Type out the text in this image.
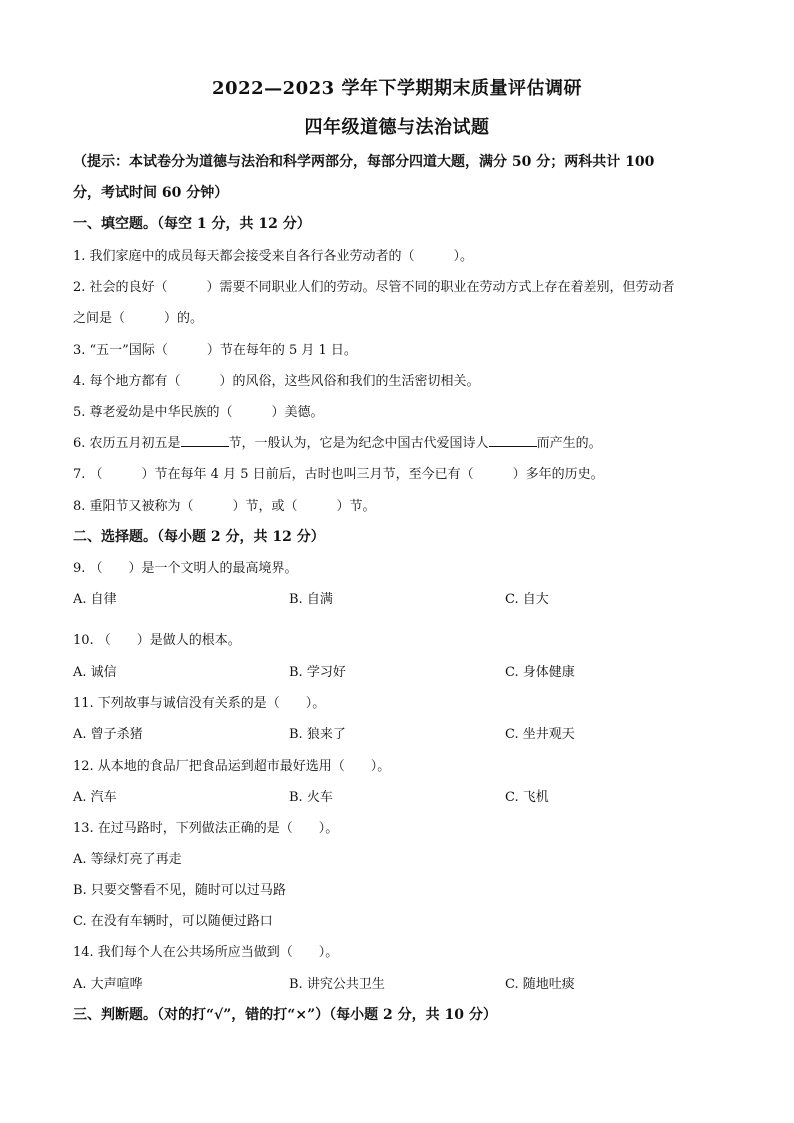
2022—2023 学年下学期期末质量评估调研
四年级道德与法治试题
（提示：本试卷分为道德与法治和科学两部分，每部分四道大题，满分 50 分；两科共计 100
分，考试时间 60 分钟）
一、填空题。（每空 1 分，共 12 分）
1. 我们家庭中的成员每天都会接受来自各行各业劳动者的（　　　）。
2. 社会的良好（　　　）需要不同职业人们的劳动。尽管不同的职业在劳动方式上存在着差别，但劳动者
之间是（　　　）的。
3. “五一”国际（　　　）节在每年的 5 月 1 日。
4. 每个地方都有（　　　）的风俗，这些风俗和我们的生活密切相关。
5. 尊老爱幼是中华民族的（　　　）美德。
6. 农历五月初五是	节，一般认为，它是为纪念中国古代爱国诗人	而产生的。
7. （　　　）节在每年 4 月 5 日前后，古时也叫三月节，至今已有（　　　）多年的历史。
8. 重阳节又被称为（　　　）节，或（　　　）节。
二、选择题。（每小题 2 分，共 12 分）
9. （　　）是一个文明人的最高境界。
A. 自律	B. 自满	C. 自大
10. （　　）是做人的根本。
A. 诚信	B. 学习好	C. 身体健康
11. 下列故事与诚信没有关系的是（　　）。
A. 曾子杀猪	B. 狼来了	C. 坐井观天
12. 从本地的食品厂把食品运到超市最好选用（　　）。
A. 汽车	B. 火车	C. 飞机
13. 在过马路时，下列做法正确的是（　　）。
A. 等绿灯亮了再走
B. 只要交警看不见，随时可以过马路
C. 在没有车辆时，可以随便过路口
14. 我们每个人在公共场所应当做到（　　）。
A. 大声喧哗	B. 讲究公共卫生	C. 随地吐痰
三、判断题。（对的打“√”，错的打“×”）（每小题 2 分，共 10 分）
